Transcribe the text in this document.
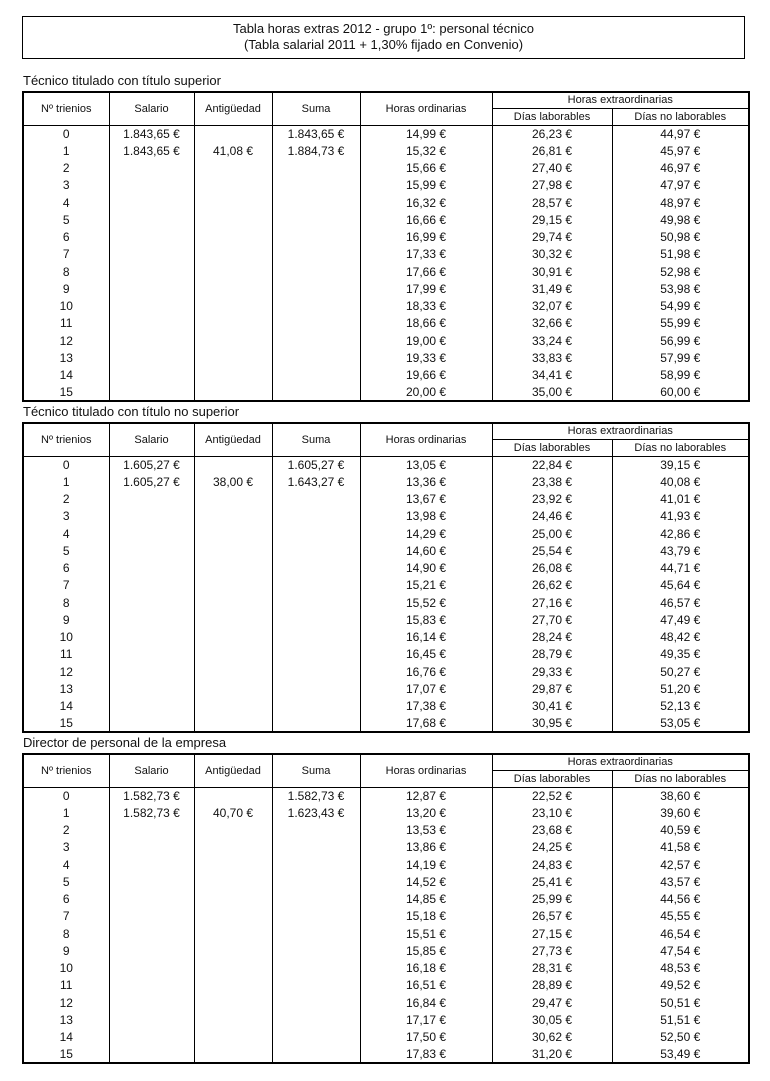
Tabla horas extras 2012 - grupo 1º: personal técnico
(Tabla salarial 2011 + 1,30% fijado en Convenio)
Técnico titulado con título superior
Nº trienios	Salario	Antigüedad	Suma	Horas ordinarias	Horas extraordinarias	
					Días laborables	Días no laborables
0	1.843,65 €		1.843,65 €	14,99 €	26,23 €	44,97 €
1	1.843,65 €	41,08 €	1.884,73 €	15,32 €	26,81 €	45,97 €
2				15,66 €	27,40 €	46,97 €
3				15,99 €	27,98 €	47,97 €
4				16,32 €	28,57 €	48,97 €
5				16,66 €	29,15 €	49,98 €
6				16,99 €	29,74 €	50,98 €
7				17,33 €	30,32 €	51,98 €
8				17,66 €	30,91 €	52,98 €
9				17,99 €	31,49 €	53,98 €
10				18,33 €	32,07 €	54,99 €
11				18,66 €	32,66 €	55,99 €
12				19,00 €	33,24 €	56,99 €
13				19,33 €	33,83 €	57,99 €
14				19,66 €	34,41 €	58,99 €
15				20,00 €	35,00 €	60,00 €
Técnico titulado con título no superior
Nº trienios	Salario	Antigüedad	Suma	Horas ordinarias	Horas extraordinarias	
					Días laborables	Días no laborables
0	1.605,27 €		1.605,27 €	13,05 €	22,84 €	39,15 €
1	1.605,27 €	38,00 €	1.643,27 €	13,36 €	23,38 €	40,08 €
2				13,67 €	23,92 €	41,01 €
3				13,98 €	24,46 €	41,93 €
4				14,29 €	25,00 €	42,86 €
5				14,60 €	25,54 €	43,79 €
6				14,90 €	26,08 €	44,71 €
7				15,21 €	26,62 €	45,64 €
8				15,52 €	27,16 €	46,57 €
9				15,83 €	27,70 €	47,49 €
10				16,14 €	28,24 €	48,42 €
11				16,45 €	28,79 €	49,35 €
12				16,76 €	29,33 €	50,27 €
13				17,07 €	29,87 €	51,20 €
14				17,38 €	30,41 €	52,13 €
15				17,68 €	30,95 €	53,05 €
Director de personal de la empresa
Nº trienios	Salario	Antigüedad	Suma	Horas ordinarias	Horas extraordinarias	
					Días laborables	Días no laborables
0	1.582,73 €		1.582,73 €	12,87 €	22,52 €	38,60 €
1	1.582,73 €	40,70 €	1.623,43 €	13,20 €	23,10 €	39,60 €
2				13,53 €	23,68 €	40,59 €
3				13,86 €	24,25 €	41,58 €
4				14,19 €	24,83 €	42,57 €
5				14,52 €	25,41 €	43,57 €
6				14,85 €	25,99 €	44,56 €
7				15,18 €	26,57 €	45,55 €
8				15,51 €	27,15 €	46,54 €
9				15,85 €	27,73 €	47,54 €
10				16,18 €	28,31 €	48,53 €
11				16,51 €	28,89 €	49,52 €
12				16,84 €	29,47 €	50,51 €
13				17,17 €	30,05 €	51,51 €
14				17,50 €	30,62 €	52,50 €
15				17,83 €	31,20 €	53,49 €
